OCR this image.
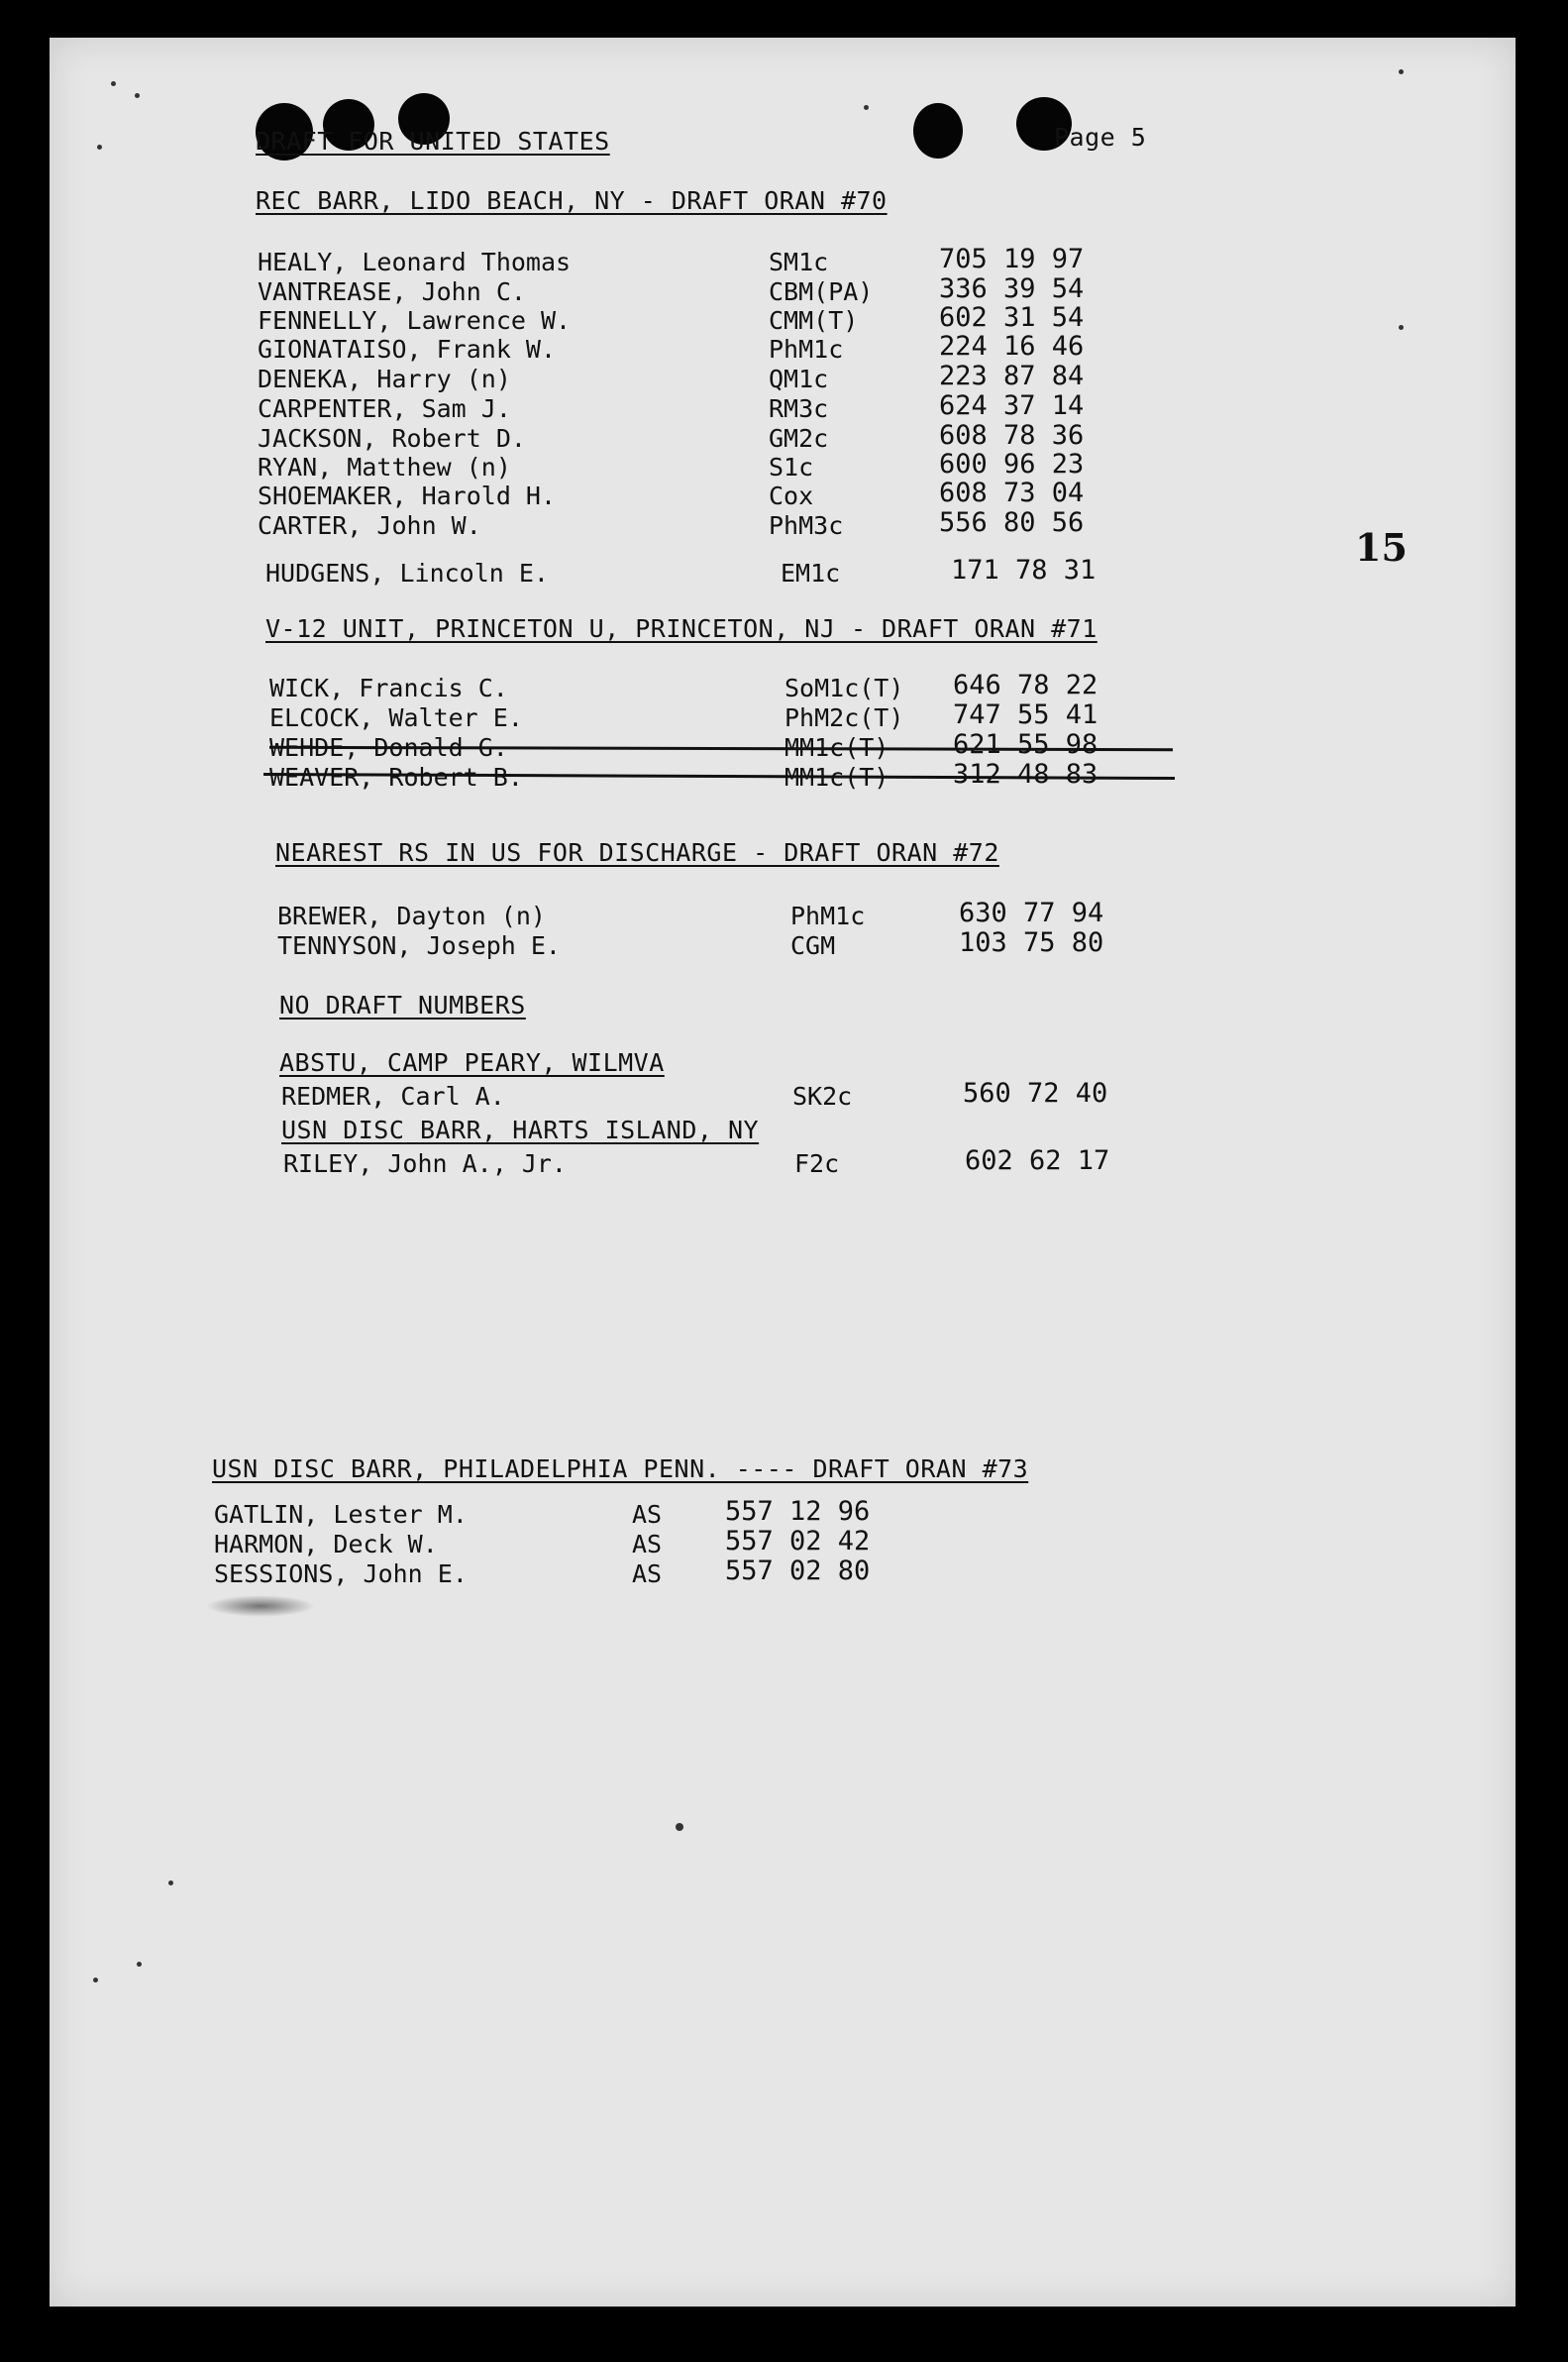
DRAFT FOR UNITED STATES	Page 5
15
REC BARR, LIDO BEACH, NY - DRAFT ORAN #70
HEALY, Leonard Thomas	SM1c	705 19 97
VANTREASE, John C.	CBM(PA) 336 39 54
FENNELLY, Lawrence W.	CMM(T)	602 31 54
GIONATAISO, Frank W.	PhM1c	224 16 46
DENEKA, Harry (n)	QM1c	223 87 84
CARPENTER, Sam J.	RM3c	624 37 14
JACKSON, Robert D.	GM2c	608 78 36
RYAN, Matthew (n)	S1c	600 96 23
SHOEMAKER, Harold H.	Cox	608 73 04
CARTER, John W.	PhM3c	556 80 56
HUDGENS, Lincoln E.	EM1c	171 78 31
V-12 UNIT, PRINCETON U, PRINCETON, NJ - DRAFT ORAN #71
WICK, Francis C.	SoM1c(T) 646 78 22
ELCOCK, Walter E.	PhM2c(T) 747 55 41
WEHDE, Donald G.	MM1c(T) 621 55 98
WEAVER, Robert B.	MM1c(T) 312 48 83
NEAREST RS IN US FOR DISCHARGE - DRAFT ORAN #72
BREWER, Dayton (n)	PhM1c	630 77 94
TENNYSON, Joseph E.	CGM	103 75 80
NO DRAFT NUMBERS
ABSTU, CAMP PEARY, WILMVA
REDMER, Carl A.	SK2c	560 72 40
USN DISC BARR, HARTS ISLAND, NY
RILEY, John A., Jr.	F2c	602 62 17
USN DISC BARR, PHILADELPHIA PENN. ---- DRAFT ORAN #73
GATLIN, Lester M.	AS 557 12 96
HARMON, Deck W.	AS 557 02 42
SESSIONS, John E.	AS 557 02 80
